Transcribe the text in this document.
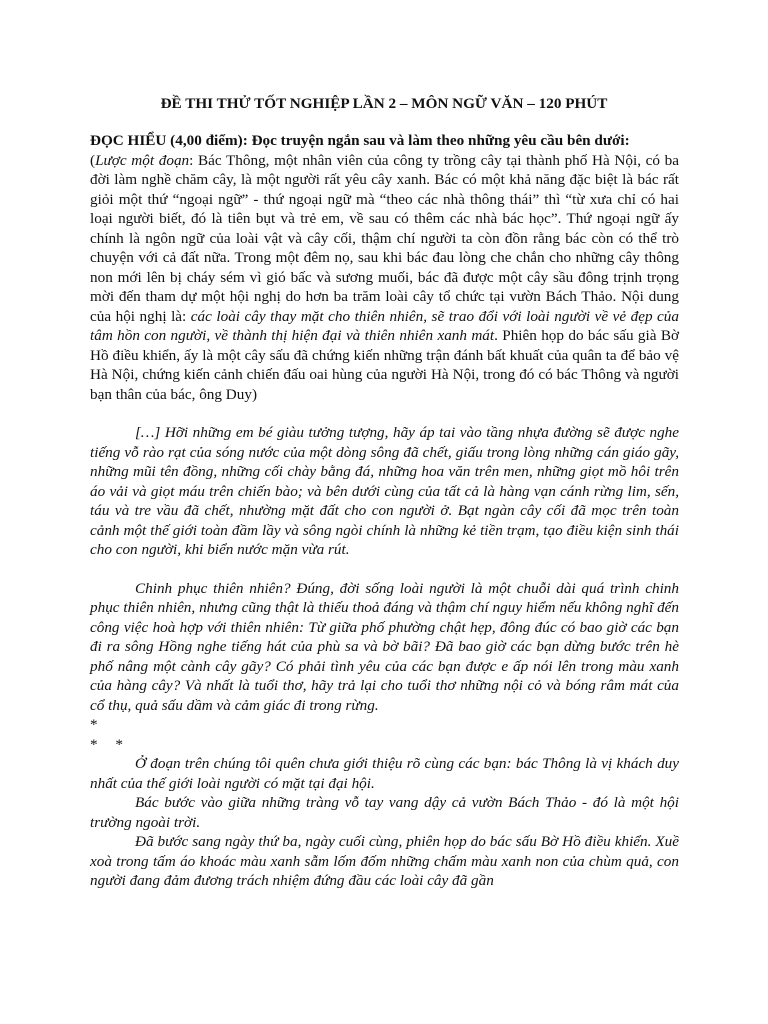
ĐỀ THI THỬ TỐT NGHIỆP LẦN 2 – MÔN NGỮ VĂN – 120 PHÚT

ĐỌC HIỂU (4,00 điểm): Đọc truyện ngắn sau và làm theo những yêu cầu bên dưới:
(Lược một đoạn: Bác Thông, một nhân viên của công ty trồng cây tại thành phố Hà Nội, có ba đời làm nghề chăm cây, là một người rất yêu cây xanh. Bác có một khả năng đặc biệt là bác rất giỏi một thứ “ngoại ngữ” - thứ ngoại ngữ mà “theo các nhà thông thái” thì “từ xưa chỉ có hai loại người biết, đó là tiên bụt và trẻ em, về sau có thêm các nhà bác học”. Thứ ngoại ngữ ấy chính là ngôn ngữ của loài vật và cây cối, thậm chí người ta còn đồn rằng bác còn có thể trò chuyện với cả đất nữa. Trong một đêm nọ, sau khi bác đau lòng che chắn cho những cây thông non mới lên bị cháy sém vì gió bấc và sương muối, bác đã được một cây sầu đông trịnh trọng mời đến tham dự một hội nghị do hơn ba trăm loài cây tổ chức tại vườn Bách Thảo. Nội dung của hội nghị là: các loài cây thay mặt cho thiên nhiên, sẽ trao đổi với loài người về vẻ đẹp của tâm hồn con người, về thành thị hiện đại và thiên nhiên xanh mát. Phiên họp do bác sấu già Bờ Hồ điều khiển, ấy là một cây sấu đã chứng kiến những trận đánh bất khuất của quân ta để bảo vệ Hà Nội, chứng kiến cảnh chiến đấu oai hùng của người Hà Nội, trong đó có bác Thông và người bạn thân của bác, ông Duy)

[…] Hỡi những em bé giàu tưởng tượng, hãy áp tai vào tầng nhựa đường sẽ được nghe tiếng vỗ rào rạt của sóng nước của một dòng sông đã chết, giấu trong lòng những cán giáo gãy, những mũi tên đồng, những cối chày bằng đá, những hoa văn trên men, những giọt mồ hôi trên áo vải và giọt máu trên chiến bào; và bên dưới cùng của tất cả là hàng vạn cánh rừng lim, sến, táu và tre vầu đã chết, nhường mặt đất cho con người ở. Bạt ngàn cây cối đã mọc trên toàn cảnh một thế giới toàn đầm lầy và sông ngòi chính là những kẻ tiền trạm, tạo điều kiện sinh thái cho con người, khi biển nước mặn vừa rút.

Chinh phục thiên nhiên? Đúng, đời sống loài người là một chuỗi dài quá trình chinh phục thiên nhiên, nhưng cũng thật là thiếu thoả đáng và thậm chí nguy hiểm nếu không nghĩ đến công việc hoà hợp với thiên nhiên: Từ giữa phố phường chật hẹp, đông đúc có bao giờ các bạn đi ra sông Hồng nghe tiếng hát của phù sa và bờ bãi? Đã bao giờ các bạn dừng bước trên hè phố nâng một cành cây gãy? Có phải tình yêu của các bạn được e ấp nói lên trong màu xanh của hàng cây? Và nhất là tuổi thơ, hãy trả lại cho tuổi thơ những nội cỏ và bóng râm mát của cổ thụ, quả sấu dầm và cảm giác đi trong rừng.

*

* *

Ở đoạn trên chúng tôi quên chưa giới thiệu rõ cùng các bạn: bác Thông là vị khách duy nhất của thế giới loài người có mặt tại đại hội.

Bác bước vào giữa những tràng vỗ tay vang dậy cả vườn Bách Thảo - đó là một hội trường ngoài trời.

Đã bước sang ngày thứ ba, ngày cuối cùng, phiên họp do bác sấu Bờ Hồ điều khiển. Xuề xoà trong tấm áo khoác màu xanh sẫm lốm đốm những chấm màu xanh non của chùm quả, con người đang đảm đương trách nhiệm đứng đầu các loài cây đã gần
